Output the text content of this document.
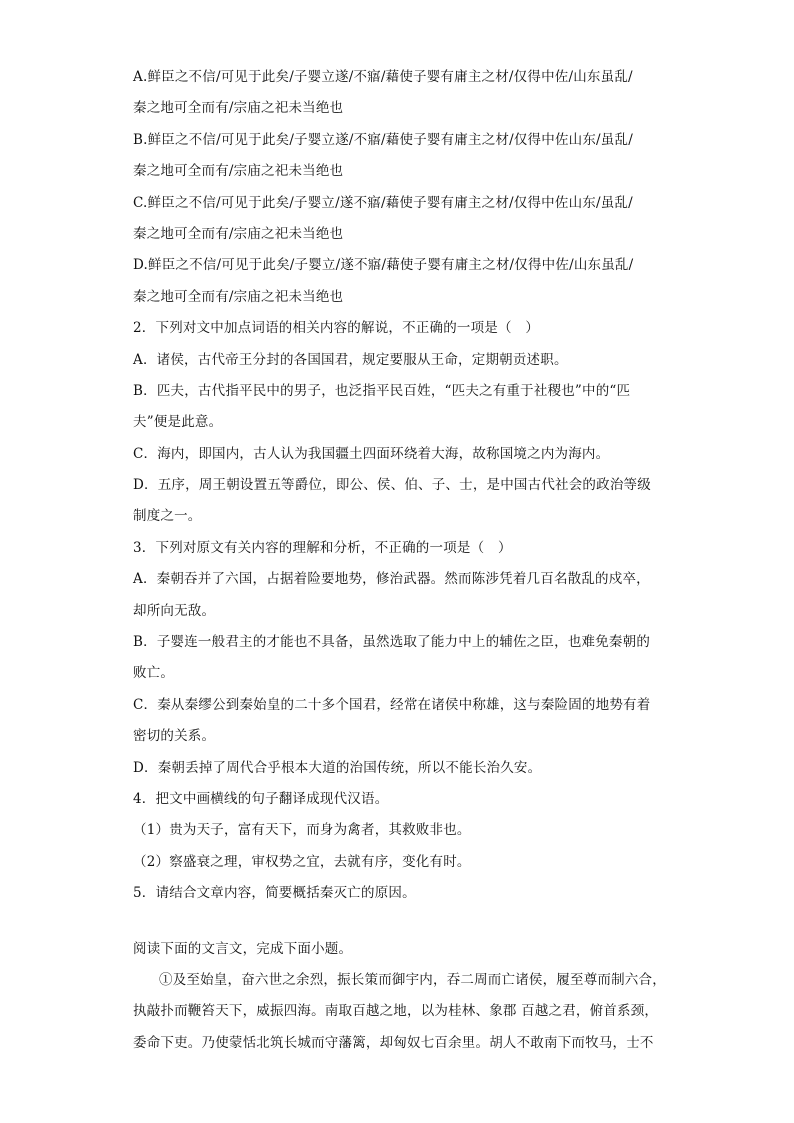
A.鲜臣之不信/可见于此矣/子婴立遂/不寤/藉使子婴有庸主之材/仅得中佐/山东虽乱/
秦之地可全而有/宗庙之祀未当绝也
B.鲜臣之不信/可见于此矣/子婴立遂/不寤/藉使子婴有庸主之材/仅得中佐山东/虽乱/
秦之地可全而有/宗庙之祀未当绝也
C.鲜臣之不信/可见于此矣/子婴立/遂不寤/藉使子婴有庸主之材/仅得中佐山东/虽乱/
秦之地可全而有/宗庙之祀未当绝也
D.鲜臣之不信/可见于此矣/子婴立/遂不寤/藉使子婴有庸主之材/仅得中佐/山东虽乱/
秦之地可全而有/宗庙之祀未当绝也
2．下列对文中加点词语的相关内容的解说，不正确的一项是（　）
A．诸侯，古代帝王分封的各国国君，规定要服从王命，定期朝贡述职。
B．匹夫，古代指平民中的男子，也泛指平民百姓，“匹夫之有重于社稷也”中的“匹
夫”便是此意。
C．海内，即国内，古人认为我国疆土四面环绕着大海，故称国境之内为海内。
D．五序，周王朝设置五等爵位，即公、侯、伯、子、士，是中国古代社会的政治等级
制度之一。
3．下列对原文有关内容的理解和分析，不正确的一项是（　）
A．秦朝吞并了六国，占据着险要地势，修治武器。然而陈涉凭着几百名散乱的戍卒，
却所向无敌。
B．子婴连一般君主的才能也不具备，虽然选取了能力中上的辅佐之臣，也难免秦朝的
败亡。
C．秦从秦缪公到秦始皇的二十多个国君，经常在诸侯中称雄，这与秦险固的地势有着
密切的关系。
D．秦朝丢掉了周代合乎根本大道的治国传统，所以不能长治久安。
4．把文中画横线的句子翻译成现代汉语。
（1）贵为天子，富有天下，而身为禽者，其救败非也。
（2）察盛衰之理，审权势之宜，去就有序，变化有时。
5．请结合文章内容，简要概括秦灭亡的原因。
阅读下面的文言文，完成下面小题。
①及至始皇，奋六世之余烈，振长策而御宇内，吞二周而亡诸侯，履至尊而制六合，
执敲扑而鞭笞天下，威振四海。南取百越之地，以为桂林、象郡 百越之君，俯首系颈，
委命下吏。乃使蒙恬北筑长城而守藩篱，却匈奴七百余里。胡人不敢南下而牧马，士不
